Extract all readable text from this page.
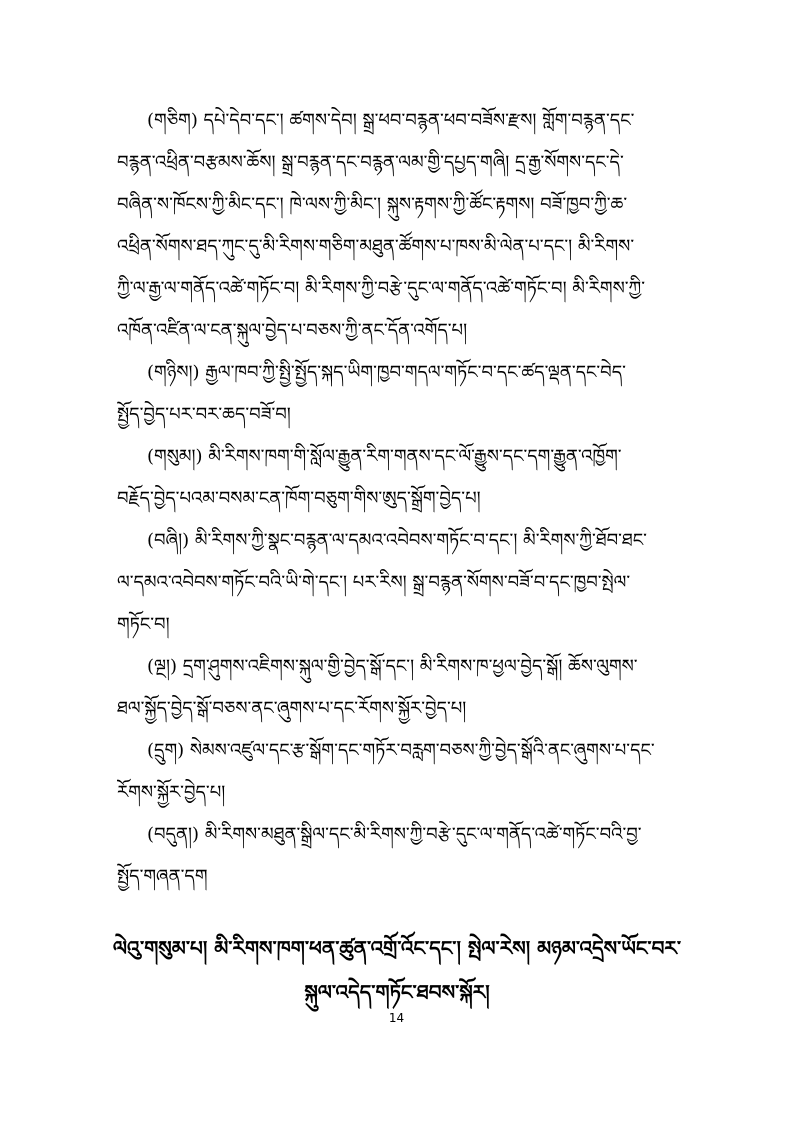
(གཅིག) དཔེ་དེབ་དང་། ཚགས་དེབ། སྒྲ་ཕབ་བརྙན་ཕབ་བཟོས་རྫས། གློག་བརྙན་དང་
བརྙན་འཕྲིན་བརྩམས་ཆོས། སྒྲ་བརྙན་དང་བརྙན་ལམ་གྱི་དཔྱད་གཞི། དྲ་རྒྱ་སོགས་དང་དེ་
བཞིན་ས་ཁོངས་ཀྱི་མིང་དང་། ཁེ་ལས་ཀྱི་མིང་། སྐུས་རྟགས་ཀྱི་ཚོང་རྟགས། བཟོ་ཁྱབ་ཀྱི་ཆ་
འཕྲིན་སོགས་ཐད་ཀུང་དུ་མི་རིགས་གཅིག་མཐུན་ཚོགས་པ་ཁས་མི་ལེན་པ་དང་། མི་རིགས་
ཀྱི་ལ་རྒྱ་ལ་གནོད་འཚེ་གཏོང་བ། མི་རིགས་ཀྱི་བརྩེ་དུང་ལ་གནོད་འཚེ་གཏོང་བ། མི་རིགས་ཀྱི་
འཁོན་འཛིན་ལ་ངན་སྐུལ་བྱེད་པ་བཅས་ཀྱི་ནང་དོན་འགོད་པ།
(གཉིས།) རྒྱལ་ཁབ་ཀྱི་སྤྱི་སྤྱོད་སྐད་ཡིག་ཁྱབ་གདལ་གཏོང་བ་དང་ཚད་ལྡན་དང་བེད་
སྤྱོད་བྱེད་པར་བར་ཆད་བཟོ་བ།
(གསུམ།) མི་རིགས་ཁག་གི་སློལ་རྒྱུན་རིག་གནས་དང་ལོ་རྒྱུས་དང་དག་རྒྱུན་འཁྱོག་
བརྗོད་བྱེད་པའམ་བསམ་ངན་ཁོག་བཅུག་གིས་ཨུད་སྒྲོག་བྱེད་པ།
(བཞི།) མི་རིགས་ཀྱི་སྣང་བརྙན་ལ་དམའ་འབེབས་གཏོང་བ་དང་། མི་རིགས་ཀྱི་ཐོབ་ཐང་
ལ་དམའ་འབེབས་གཏོང་བའི་ཡི་གེ་དང་། པར་རིས། སྒྲ་བརྙན་སོགས་བཟོ་བ་དང་ཁྱབ་སྤེལ་
གཏོང་བ།
(ལྔ།) དྲག་ཤུགས་འཇིགས་སྐུལ་གྱི་བྱེད་སྒོ་དང་། མི་རིགས་ཁ་ཕྱལ་བྱེད་སྒོ། ཆོས་ལུགས་
ཐལ་སྐྱོད་བྱེད་སྒོ་བཅས་ནང་ཞུགས་པ་དང་རོགས་སྐྱོར་བྱེད་པ།
(དྲུག) སེམས་འཛུལ་དང་རྩ་སྒོག་དང་གཏོར་བརླག་བཅས་ཀྱི་བྱེད་སྒོའི་ནང་ཞུགས་པ་དང་
རོགས་སྐྱོར་བྱེད་པ།
(བདུན།) མི་རིགས་མཐུན་སྒྲིལ་དང་མི་རིགས་ཀྱི་བརྩེ་དུང་ལ་གནོད་འཚེ་གཏོང་བའི་བྱ་
སྤྱོད་གཞན་དག
ལེའུ་གསུམ་པ། མི་རིགས་ཁག་ཕན་ཚུན་འགྲོ་འོང་དང་། སྤེལ་རེས། མཉམ་འདྲེས་ཡོང་བར་
སྐུལ་འདེད་གཏོང་ཐབས་སྐོར།
14
